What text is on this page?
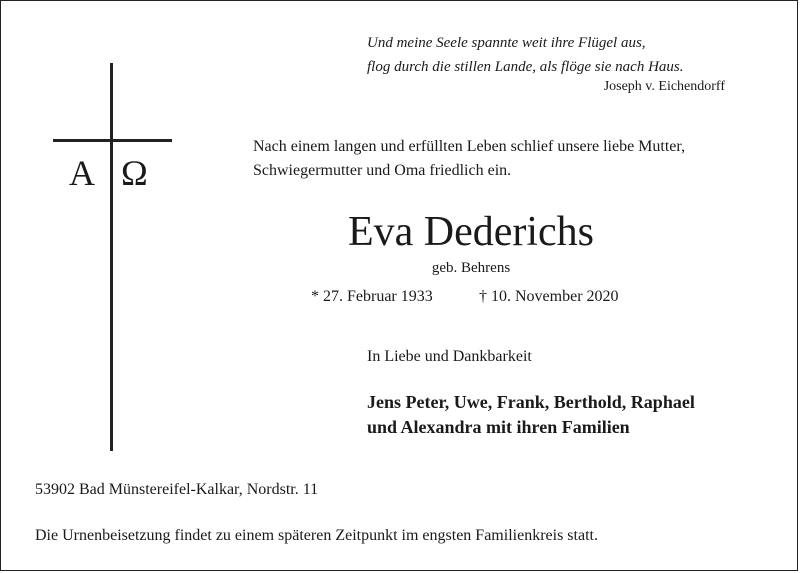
Und meine Seele spannte weit ihre Flügel aus,
flog durch die stillen Lande, als flöge sie nach Haus.
Joseph v. Eichendorff
A Ω
Nach einem langen und erfüllten Leben schlief unsere liebe Mutter,
Schwiegermutter und Oma friedlich ein.
Eva Dederichs
geb. Behrens
* 27. Februar 1933	† 10. November 2020
In Liebe und Dankbarkeit
Jens Peter, Uwe, Frank, Berthold, Raphael
und Alexandra mit ihren Familien
53902 Bad Münstereifel-Kalkar, Nordstr. 11
Die Urnenbeisetzung findet zu einem späteren Zeitpunkt im engsten Familienkreis statt.
